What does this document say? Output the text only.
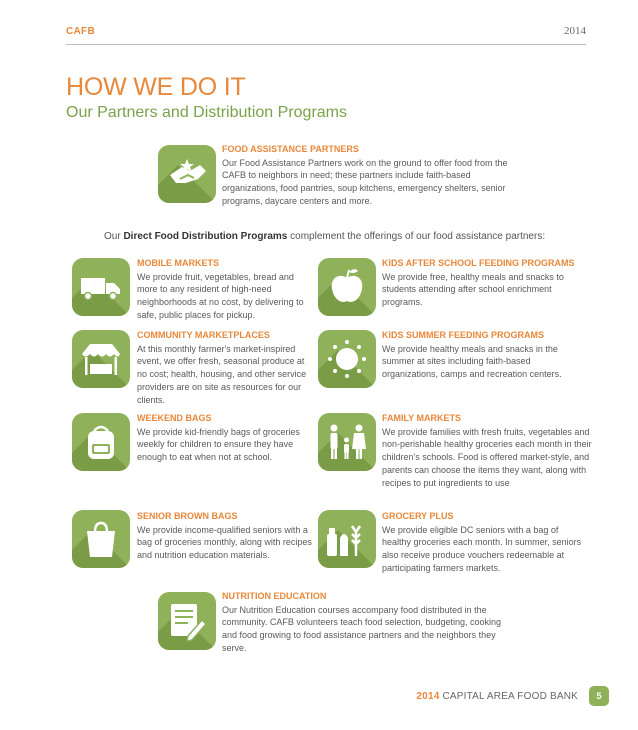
CAFB	2014
HOW WE DO IT
Our Partners and Distribution Programs
FOOD ASSISTANCE PARTNERS
Our Food Assistance Partners work on the ground to offer food from the CAFB to neighbors in need; these partners include faith-based organizations, food pantries, soup kitchens, emergency shelters, senior programs, daycare centers and more.
Our Direct Food Distribution Programs complement the offerings of our food assistance partners:
MOBILE MARKETS
We provide fruit, vegetables, bread and more to any resident of high-need neighborhoods at no cost, by delivering to safe, public places for pickup.
KIDS AFTER SCHOOL FEEDING PROGRAMS
We provide free, healthy meals and snacks to students attending after school enrichment programs.
COMMUNITY MARKETPLACES
At this monthly farmer's market-inspired event, we offer fresh, seasonal produce at no cost; health, housing, and other service providers are on site as resources for our clients.
KIDS SUMMER FEEDING PROGRAMS
We provide healthy meals and snacks in the summer at sites including faith-based organizations, camps and recreation centers.
WEEKEND BAGS
We provide kid-friendly bags of groceries weekly for children to ensure they have enough to eat when not at school.
FAMILY MARKETS
We provide families with fresh fruits, vegetables and non-perishable healthy groceries each month in their children's schools. Food is offered market-style, and parents can choose the items they want, along with recipes to put ingredients to use
SENIOR BROWN BAGS
We provide income-qualified seniors with a bag of groceries monthly, along with recipes and nutrition education materials.
GROCERY PLUS
We provide eligible DC seniors with a bag of healthy groceries each month. In summer, seniors also receive produce vouchers redeemable at participating farmers markets.
NUTRITION EDUCATION
Our Nutrition Education courses accompany food distributed in the community. CAFB volunteers teach food selection, budgeting, cooking and food growing to food assistance partners and the neighbors they serve.
2014 CAPITAL AREA FOOD BANK	5
